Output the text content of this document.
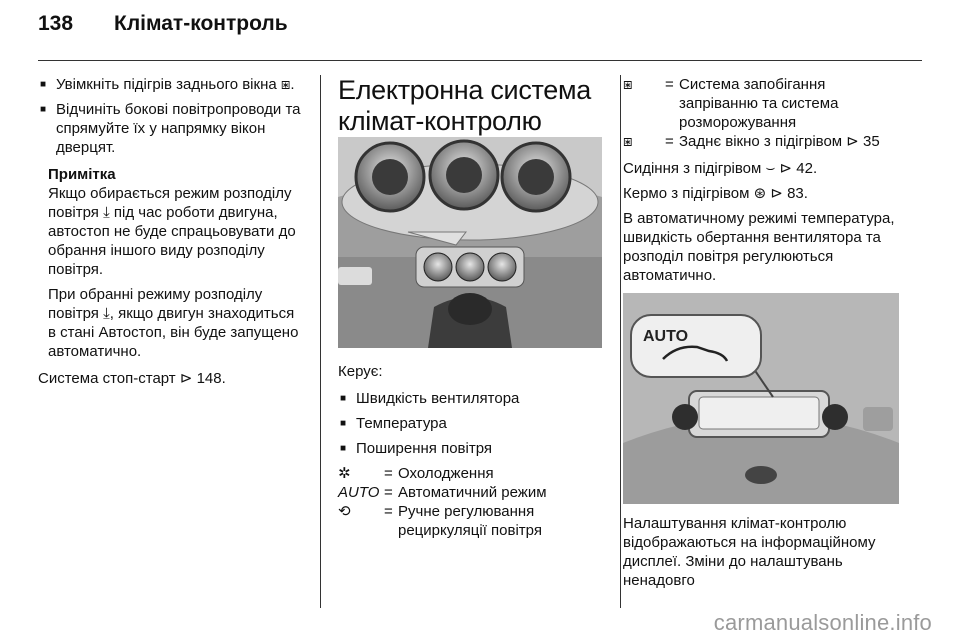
138 Клімат-контроль

■ Увімкніть підігрів заднього вікна ⧆.

■ Відчиніть бокові повітропроводи та спрямуйте їх у напрямку вікон дверцят.

Примітка

Якщо обирається режим розподілу повітря ⤓ під час роботи двигуна, автостоп не буде спрацьовувати до обрання іншого виду розподілу повітря.

При обранні режиму розподілу повітря ⤓, якщо двигун знаходиться в стані Автостоп, він буде запущено автоматично.

Система стоп-старт ⊳ 148.

Електронна система клімат-контролю

Керує:

■ Швидкість вентилятора

■ Температура

■ Поширення повітря

✲	= Охолодження
AUTO = Автоматичний режим
⟲	= Ручне регулювання рециркуляції повітря
⧆	= Система запобігання запріванню та система розморожування
⧆	= Заднє вікно з підігрівом ⊳ 35

Сидіння з підігрівом ⌣ ⊳ 42.

Кермо з підігрівом ⊛ ⊳ 83.

В автоматичному режимі температура, швидкість обертання вентилятора та розподіл повітря регулюються автоматично.

AUTO

Налаштування клімат-контролю відображаються на інформаційному дисплеї. Зміни до налаштувань ненадовго

carmanualsonline.info
